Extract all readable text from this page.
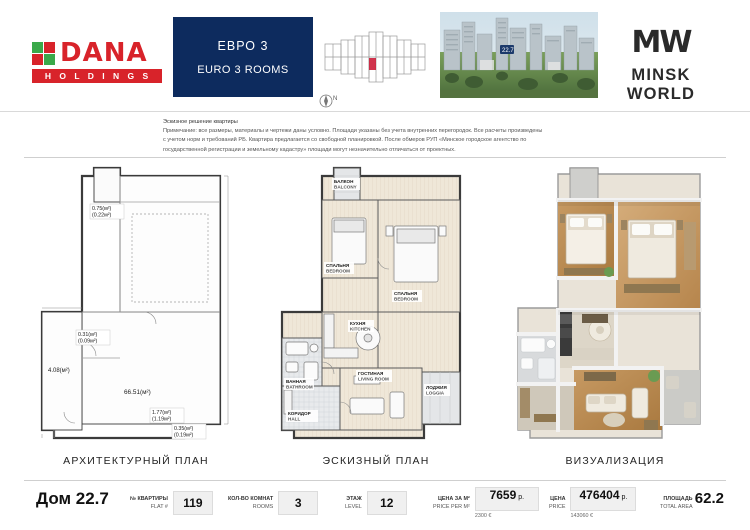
DANA
H O L D I N G S
ЕВРО 3
EURO 3 ROOMS
N
22.7	MW
MINSK WORLD
Эскизное решение квартиры
Примечание: все размеры, материалы и чертежи даны условно. Площади указаны без учета внутренних перегородок. Все расчеты произведены
с учетом норм и требований РБ. Квартира предлагается со свободной планировкой. После обмеров РУП «Минское городское агентство по
государственной регистрации и земельному кадастру» площади могут незначительно отличаться от проектных.
0.75(м²)
(0.22м²)
0.31(м²)
(0.09м²)
4.08(м²)
66.51(м²)
1.77(м²)
(1.19м²)
0.35(м²)
(0.19м²)
БАЛКОН
BALCONY
СПАЛЬНЯ
BEDROOM
СПАЛЬНЯ
BEDROOM
КУХНЯ
KITCHEN
ГОСТИНАЯ
LIVING ROOM
ВАННАЯ
BATHROOM	ЛОДЖИЯ
LOGGIA
КОРИДОР
HALL
АРХИТЕКТУРНЫЙ ПЛАН	ЭСКИЗНЫЙ ПЛАН	ВИЗУАЛИЗАЦИЯ
Дом 22.7	№ КВАРТИРЫ
FLAT #	119	КОЛ-ВО КОМНАТ
ROOMS	3	ЭТАЖ
LEVEL	12	ЦЕНА ЗА М²
PRICE PER M²
7659 р.
2300 €
ЦЕНА
PRICE
476404 р.
143060 €
ПЛОЩАДЬ
TOTAL AREA 62.2
